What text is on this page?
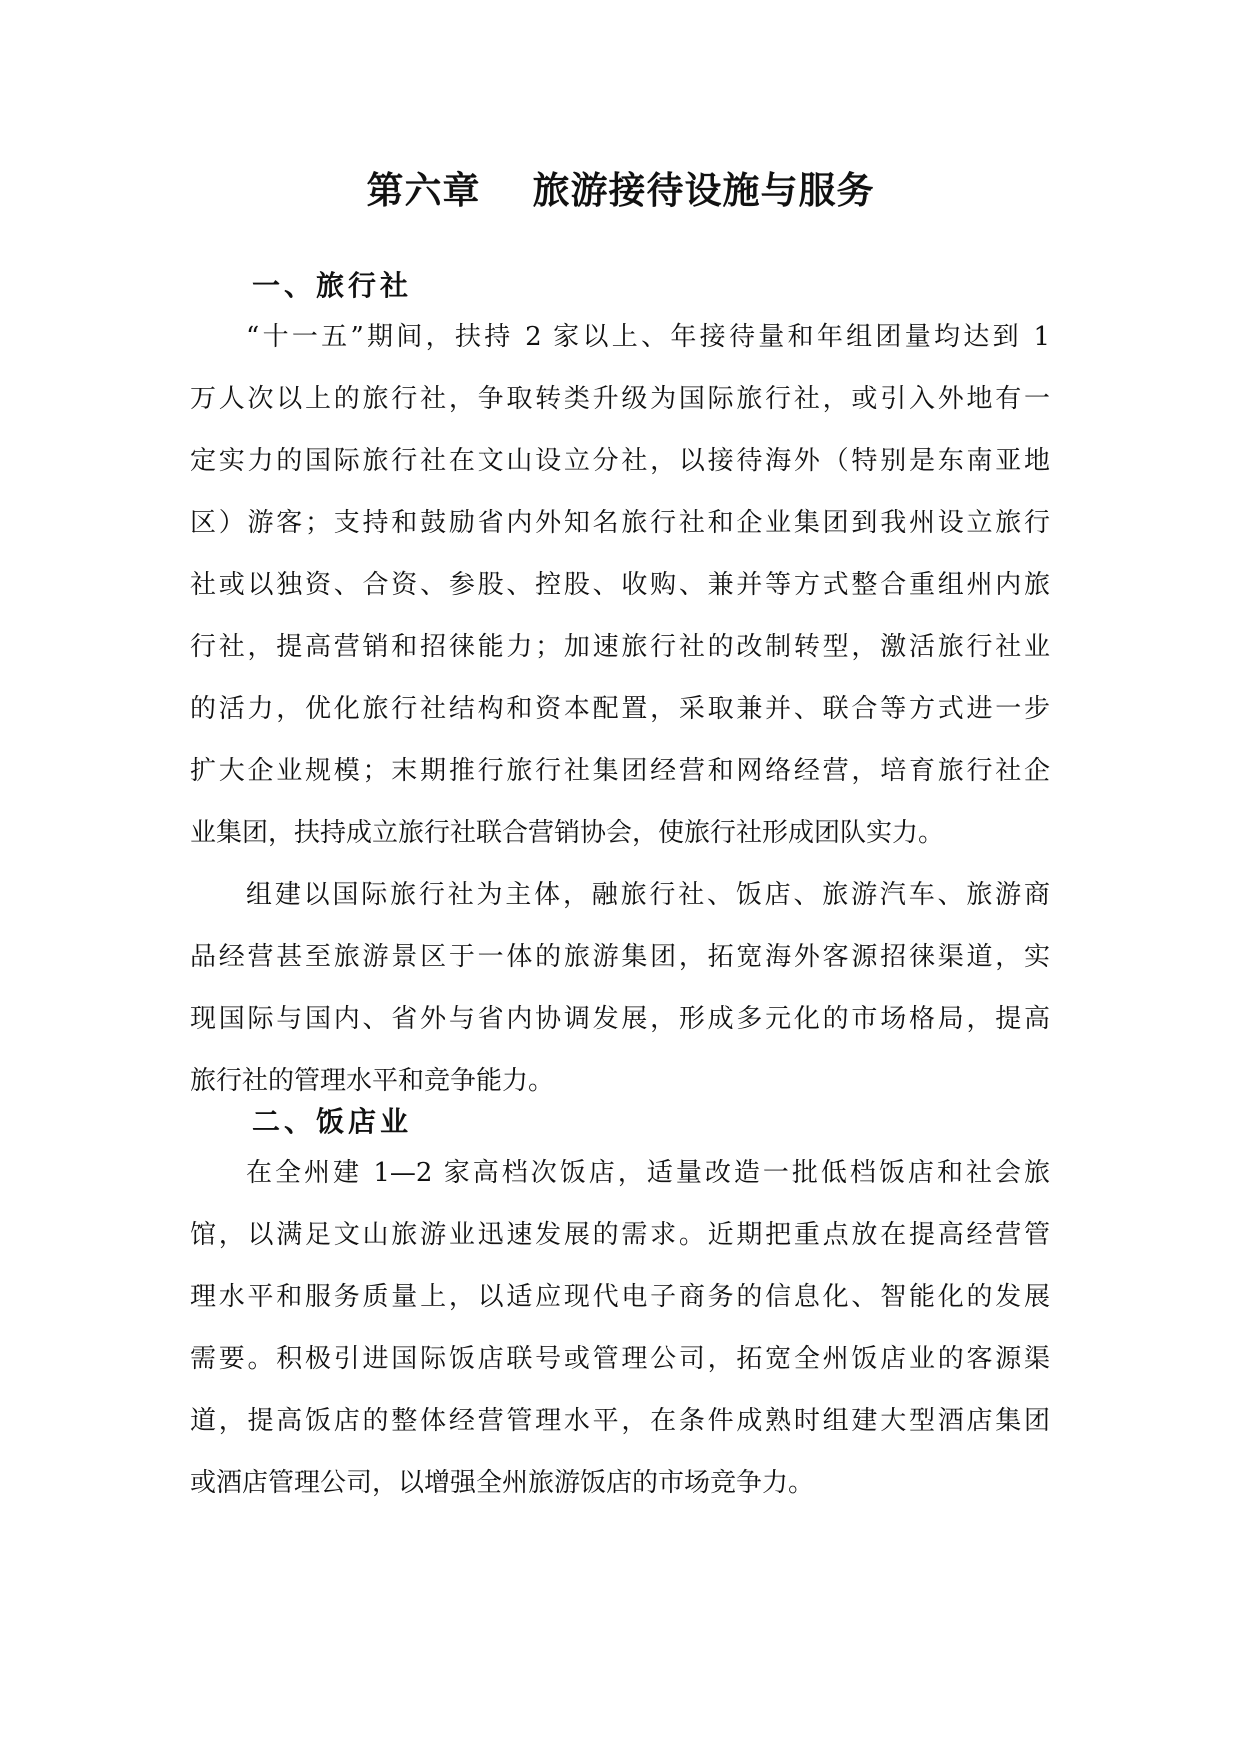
第六章 旅游接待设施与服务
一、旅行社
“十一五”期间，扶持 2 家以上、年接待量和年组团量均达到 1
万人次以上的旅行社，争取转类升级为国际旅行社，或引入外地有一
定实力的国际旅行社在文山设立分社，以接待海外（特别是东南亚地
区）游客；支持和鼓励省内外知名旅行社和企业集团到我州设立旅行
社或以独资、合资、参股、控股、收购、兼并等方式整合重组州内旅
行社，提高营销和招徕能力；加速旅行社的改制转型，激活旅行社业
的活力，优化旅行社结构和资本配置，采取兼并、联合等方式进一步
扩大企业规模；末期推行旅行社集团经营和网络经营，培育旅行社企
业集团，扶持成立旅行社联合营销协会，使旅行社形成团队实力。
组建以国际旅行社为主体，融旅行社、饭店、旅游汽车、旅游商
品经营甚至旅游景区于一体的旅游集团，拓宽海外客源招徕渠道，实
现国际与国内、省外与省内协调发展，形成多元化的市场格局，提高
旅行社的管理水平和竞争能力。
二、饭店业
在全州建 1—2 家高档次饭店，适量改造一批低档饭店和社会旅
馆，以满足文山旅游业迅速发展的需求。近期把重点放在提高经营管
理水平和服务质量上，以适应现代电子商务的信息化、智能化的发展
需要。积极引进国际饭店联号或管理公司，拓宽全州饭店业的客源渠
道，提高饭店的整体经营管理水平，在条件成熟时组建大型酒店集团
或酒店管理公司，以增强全州旅游饭店的市场竞争力。
